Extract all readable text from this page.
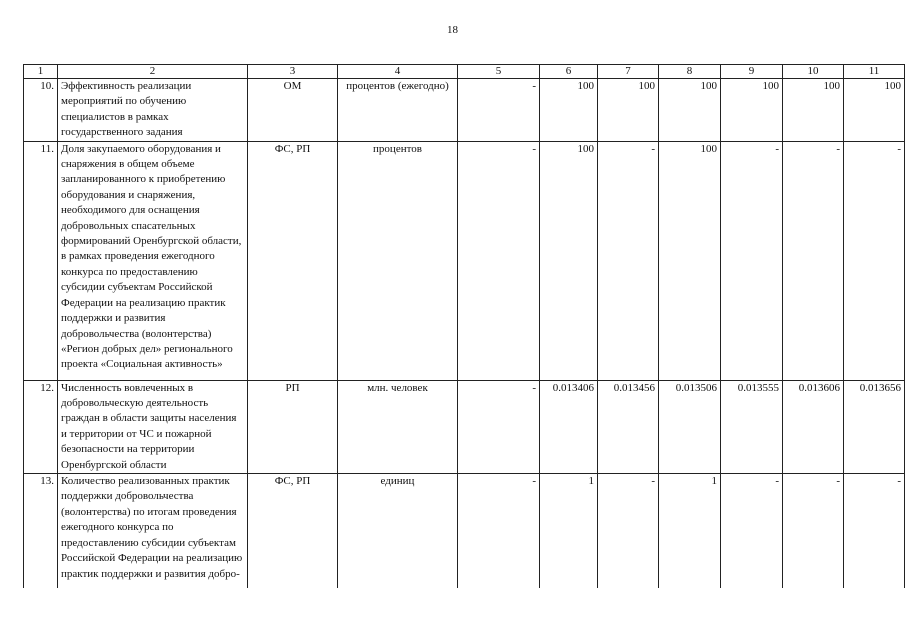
18
1	2	3	4	5	6	7	8	9	10	11
10.	Эффективность реализации мероприятий по обучению специалистов в рамках государственного задания	ОМ	процентов (ежегодно)	-	100	100	100	100	100	100
11.	Доля закупаемого оборудования и снаряжения в общем объеме запланированного к приобретению оборудования и снаряжения, необходимого для оснащения добровольных спасательных формирований Оренбургской области, в рамках проведения ежегодного конкурса по предоставлению субсидии субъектам Российской Федерации на реализацию практик поддержки и развития добровольчества (волонтерства) «Регион добрых дел» регионального проекта «Социальная активность»	ФС, РП	процентов	-	100	-	100	-	-	-
12.	Численность вовлеченных в добровольческую деятельность граждан в области защиты населения и территории от ЧС и пожарной безопасности на территории Оренбургской области	РП	млн. человек	-	0.013406	0.013456	0.013506	0.013555	0.013606	0.013656
13.	Количество реализованных практик поддержки добровольчества (волонтерства) по итогам проведения ежегодного конкурса по предоставлению субсидии субъектам Российской Федерации на реализацию практик поддержки и развития добро-	ФС, РП	единиц	-	1	-	1	-	-	-
